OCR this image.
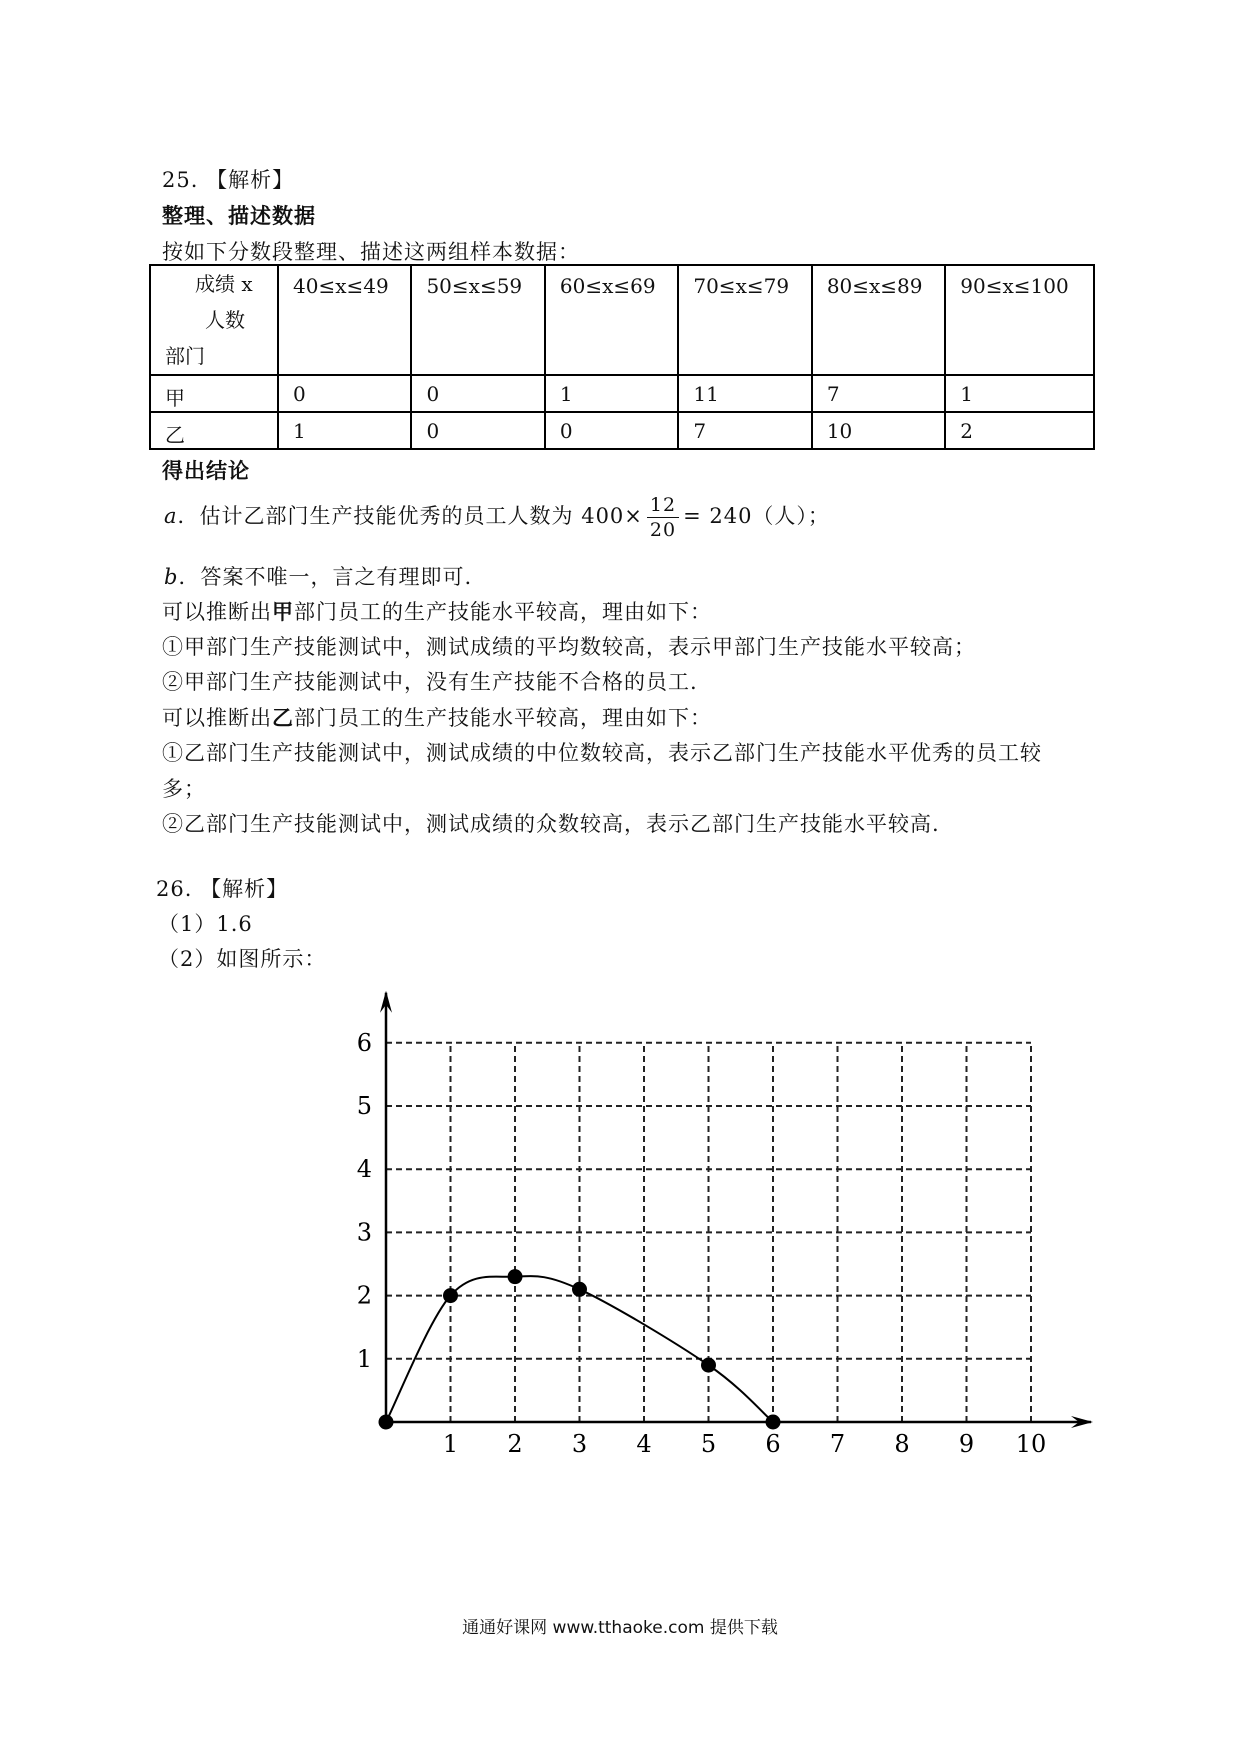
25. 【解析】
整理、描述数据
按如下分数段整理、描述这两组样本数据：
成绩 x
人数
部门	40≤x≤49	50≤x≤59	60≤x≤69	70≤x≤79	80≤x≤89	90≤x≤100
甲	0	0	1	11	7	1
乙	1	0	0	7	10	2
得出结论
a．估计乙部门生产技能优秀的员工人数为 $400\times \frac{12}{20} = 240$（人）；
b．答案不唯一，言之有理即可.
可以推断出甲部门员工的生产技能水平较高，理由如下：
①甲部门生产技能测试中，测试成绩的平均数较高，表示甲部门生产技能水平较高；
②甲部门生产技能测试中，没有生产技能不合格的员工.
可以推断出乙部门员工的生产技能水平较高，理由如下：
①乙部门生产技能测试中，测试成绩的中位数较高，表示乙部门生产技能水平优秀的员工较
多；
②乙部门生产技能测试中，测试成绩的众数较高，表示乙部门生产技能水平较高.
26. 【解析】
（1）1.6
（2）如图所示：
1 2 3 4 5 6 7 8 9 10
1
2
3
4
5
6
通通好课网 www.tthaoke.com 提供下载
